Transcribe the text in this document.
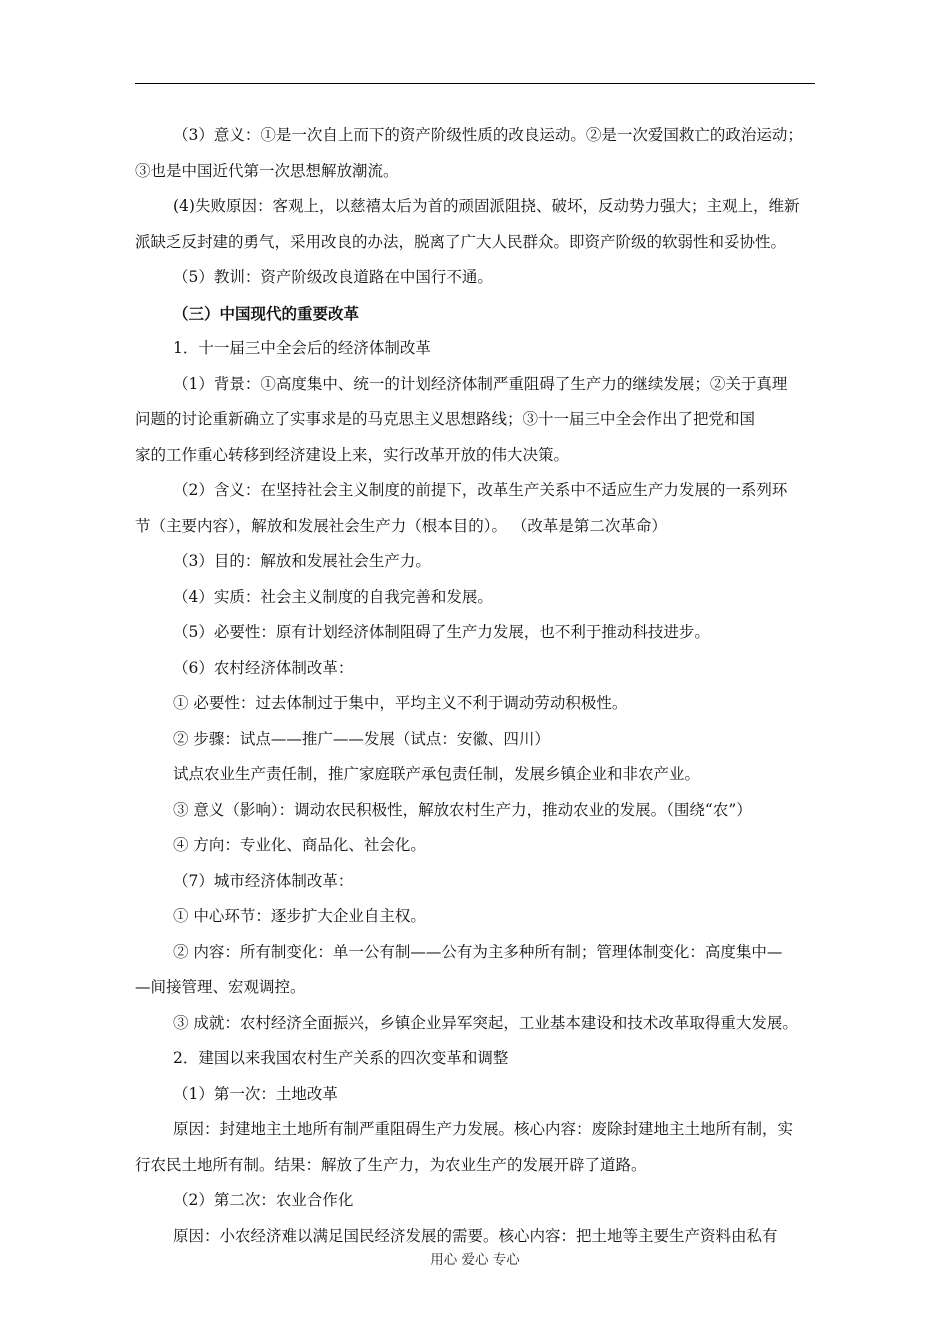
（3）意义：①是一次自上而下的资产阶级性质的改良运动。②是一次爱国救亡的政治运动；
③也是中国近代第一次思想解放潮流。
(4)失败原因：客观上，以慈禧太后为首的顽固派阻挠、破坏，反动势力强大；主观上，维新
派缺乏反封建的勇气，采用改良的办法，脱离了广大人民群众。即资产阶级的软弱性和妥协性。
（5）教训：资产阶级改良道路在中国行不通。
（三）中国现代的重要改革
1．十一届三中全会后的经济体制改革
（1）背景：①高度集中、统一的计划经济体制严重阻碍了生产力的继续发展；②关于真理
问题的讨论重新确立了实事求是的马克思主义思想路线；③十一届三中全会作出了把党和国
家的工作重心转移到经济建设上来，实行改革开放的伟大决策。
（2）含义：在坚持社会主义制度的前提下，改革生产关系中不适应生产力发展的一系列环
节（主要内容），解放和发展社会生产力（根本目的）。 （改革是第二次革命）
（3）目的：解放和发展社会生产力。
（4）实质：社会主义制度的自我完善和发展。
（5）必要性：原有计划经济体制阻碍了生产力发展，也不利于推动科技进步。
（6）农村经济体制改革：
① 必要性：过去体制过于集中，平均主义不利于调动劳动积极性。
② 步骤：试点——推广——发展（试点：安徽、四川）
试点农业生产责任制，推广家庭联产承包责任制，发展乡镇企业和非农产业。
③ 意义（影响）：调动农民积极性，解放农村生产力，推动农业的发展。（围绕“农”）
④ 方向：专业化、商品化、社会化。
（7）城市经济体制改革：
① 中心环节：逐步扩大企业自主权。
② 内容：所有制变化：单一公有制——公有为主多种所有制；管理体制变化：高度集中—
—间接管理、宏观调控。
③ 成就：农村经济全面振兴，乡镇企业异军突起，工业基本建设和技术改革取得重大发展。
2．建国以来我国农村生产关系的四次变革和调整
（1）第一次：土地改革
原因：封建地主土地所有制严重阻碍生产力发展。核心内容：废除封建地主土地所有制，实
行农民土地所有制。结果：解放了生产力，为农业生产的发展开辟了道路。
（2）第二次：农业合作化
原因：小农经济难以满足国民经济发展的需要。核心内容：把土地等主要生产资料由私有
用心 爱心 专心
